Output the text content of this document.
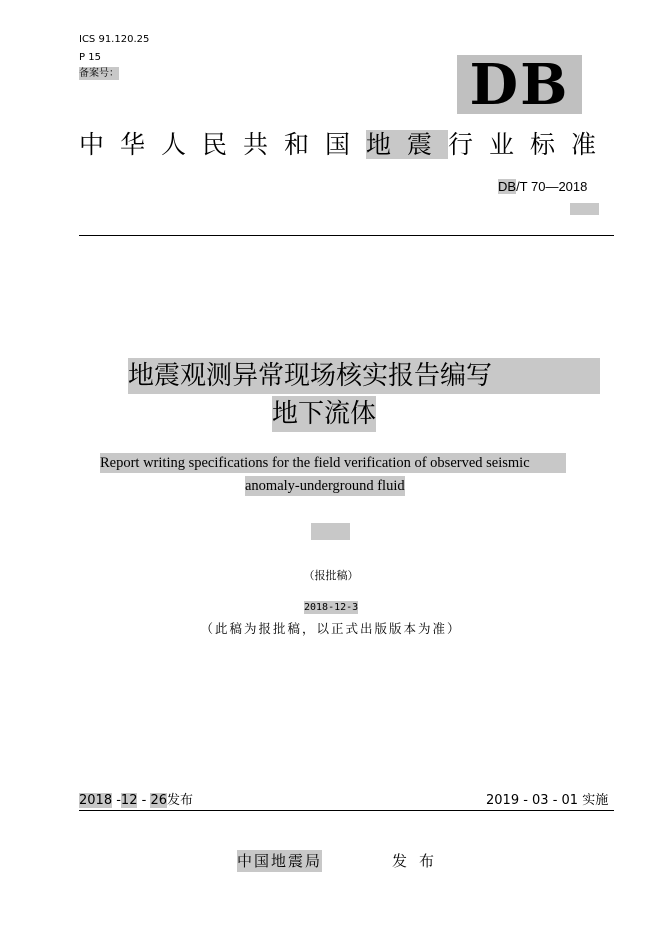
ICS 91.120.25
P 15
备案号：	DB
中华人民共和国地震行业标准
DB/T 70—2018
地震观测异常现场核实报告编写
地下流体
Report writing specifications for the field verification of observed seismic
anomaly-underground fluid
（报批稿）
2018-12-3
（此稿为报批稿，以正式出版版本为准）
2018 -12 - 26发布	2019 - 03 - 01 实施
中国地震局	发布
